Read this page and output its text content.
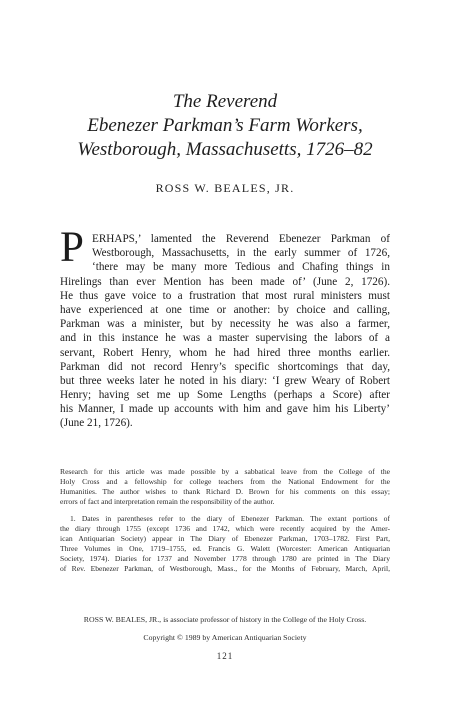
The Reverend
Ebenezer Parkman’s Farm Workers,
Westborough, Massachusetts, 1726–82
ROSS W. BEALES, JR.
P ERHAPS,’ lamented the Reverend Ebenezer Parkman of
Westborough, Massachusetts, in the early summer of 1726,
‘there may be many more Tedious and Chafing things in
Hirelings than ever Mention has been made of’ (June 2, 1726).
He thus gave voice to a frustration that most rural ministers must
have experienced at one time or another: by choice and calling,
Parkman was a minister, but by necessity he was also a farmer,
and in this instance he was a master supervising the labors of a
servant, Robert Henry, whom he had hired three months earlier.
Parkman did not record Henry’s specific shortcomings that day,
but three weeks later he noted in his diary: ‘I grew Weary of Robert
Henry; having set me up Some Lengths (perhaps a Score) after
his Manner, I made up accounts with him and gave him his Liberty’
(June 21, 1726).
Research for this article was made possible by a sabbatical leave from the College of the
Holy Cross and a fellowship for college teachers from the National Endowment for the
Humanities. The author wishes to thank Richard D. Brown for his comments on this essay;
errors of fact and interpretation remain the responsibility of the author.
1. Dates in parentheses refer to the diary of Ebenezer Parkman. The extant portions of
the diary through 1755 (except 1736 and 1742, which were recently acquired by the Amer-
ican Antiquarian Society) appear in The Diary of Ebenezer Parkman, 1703–1782. First Part,
Three Volumes in One, 1719–1755, ed. Francis G. Walett (Worcester: American Antiquarian
Society, 1974). Diaries for 1737 and November 1778 through 1780 are printed in The Diary
of Rev. Ebenezer Parkman, of Westborough, Mass., for the Months of February, March, April,
ROSS W. BEALES, JR., is associate professor of history in the College of the Holy Cross.
Copyright © 1989 by American Antiquarian Society
121
